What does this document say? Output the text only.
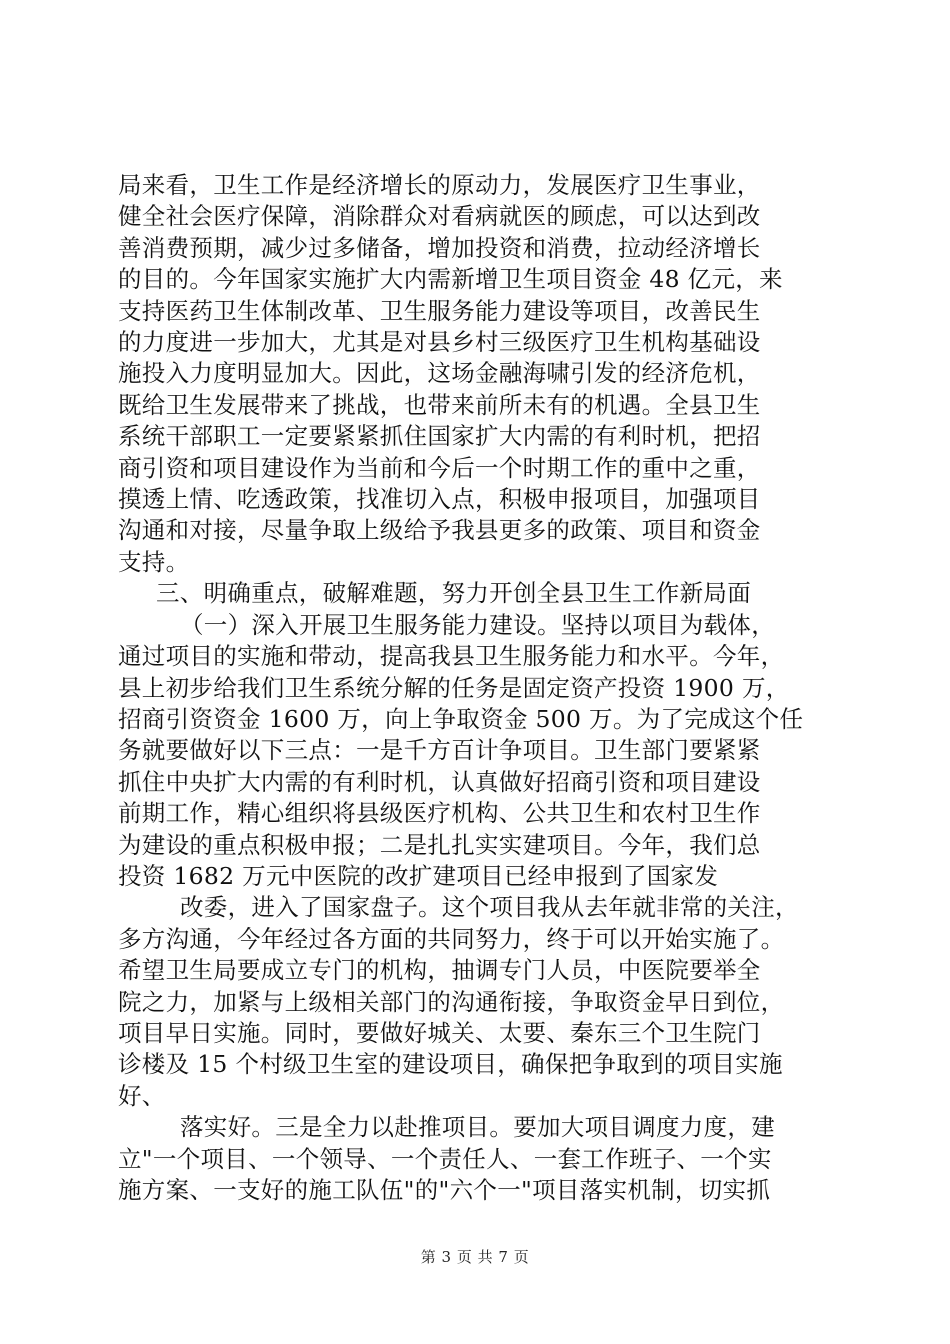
局来看，卫生工作是经济增长的原动力，发展医疗卫生事业，
健全社会医疗保障，消除群众对看病就医的顾虑，可以达到改
善消费预期，减少过多储备，增加投资和消费，拉动经济增长
的目的。今年国家实施扩大内需新增卫生项目资金 48 亿元，来
支持医药卫生体制改革、卫生服务能力建设等项目，改善民生
的力度进一步加大，尤其是对县乡村三级医疗卫生机构基础设
施投入力度明显加大。因此，这场金融海啸引发的经济危机，
既给卫生发展带来了挑战，也带来前所未有的机遇。全县卫生
系统干部职工一定要紧紧抓住国家扩大内需的有利时机，把招
商引资和项目建设作为当前和今后一个时期工作的重中之重，
摸透上情、吃透政策，找准切入点，积极申报项目，加强项目
沟通和对接，尽量争取上级给予我县更多的政策、项目和资金
支持。
三、明确重点，破解难题，努力开创全县卫生工作新局面
（一）深入开展卫生服务能力建设。坚持以项目为载体，
通过项目的实施和带动，提高我县卫生服务能力和水平。今年，
县上初步给我们卫生系统分解的任务是固定资产投资 1900 万，
招商引资资金 1600 万，向上争取资金 500 万。为了完成这个任
务就要做好以下三点：一是千方百计争项目。卫生部门要紧紧
抓住中央扩大内需的有利时机，认真做好招商引资和项目建设
前期工作，精心组织将县级医疗机构、公共卫生和农村卫生作
为建设的重点积极申报；二是扎扎实实建项目。今年，我们总
投资 1682 万元中医院的改扩建项目已经申报到了国家发
改委，进入了国家盘子。这个项目我从去年就非常的关注，
多方沟通，今年经过各方面的共同努力，终于可以开始实施了。
希望卫生局要成立专门的机构，抽调专门人员，中医院要举全
院之力，加紧与上级相关部门的沟通衔接，争取资金早日到位，
项目早日实施。同时，要做好城关、太要、秦东三个卫生院门
诊楼及 15 个村级卫生室的建设项目，确保把争取到的项目实施
好、
落实好。三是全力以赴推项目。要加大项目调度力度，建
立"一个项目、一个领导、一个责任人、一套工作班子、一个实
施方案、一支好的施工队伍"的"六个一"项目落实机制，切实抓
第 3 页 共 7 页
